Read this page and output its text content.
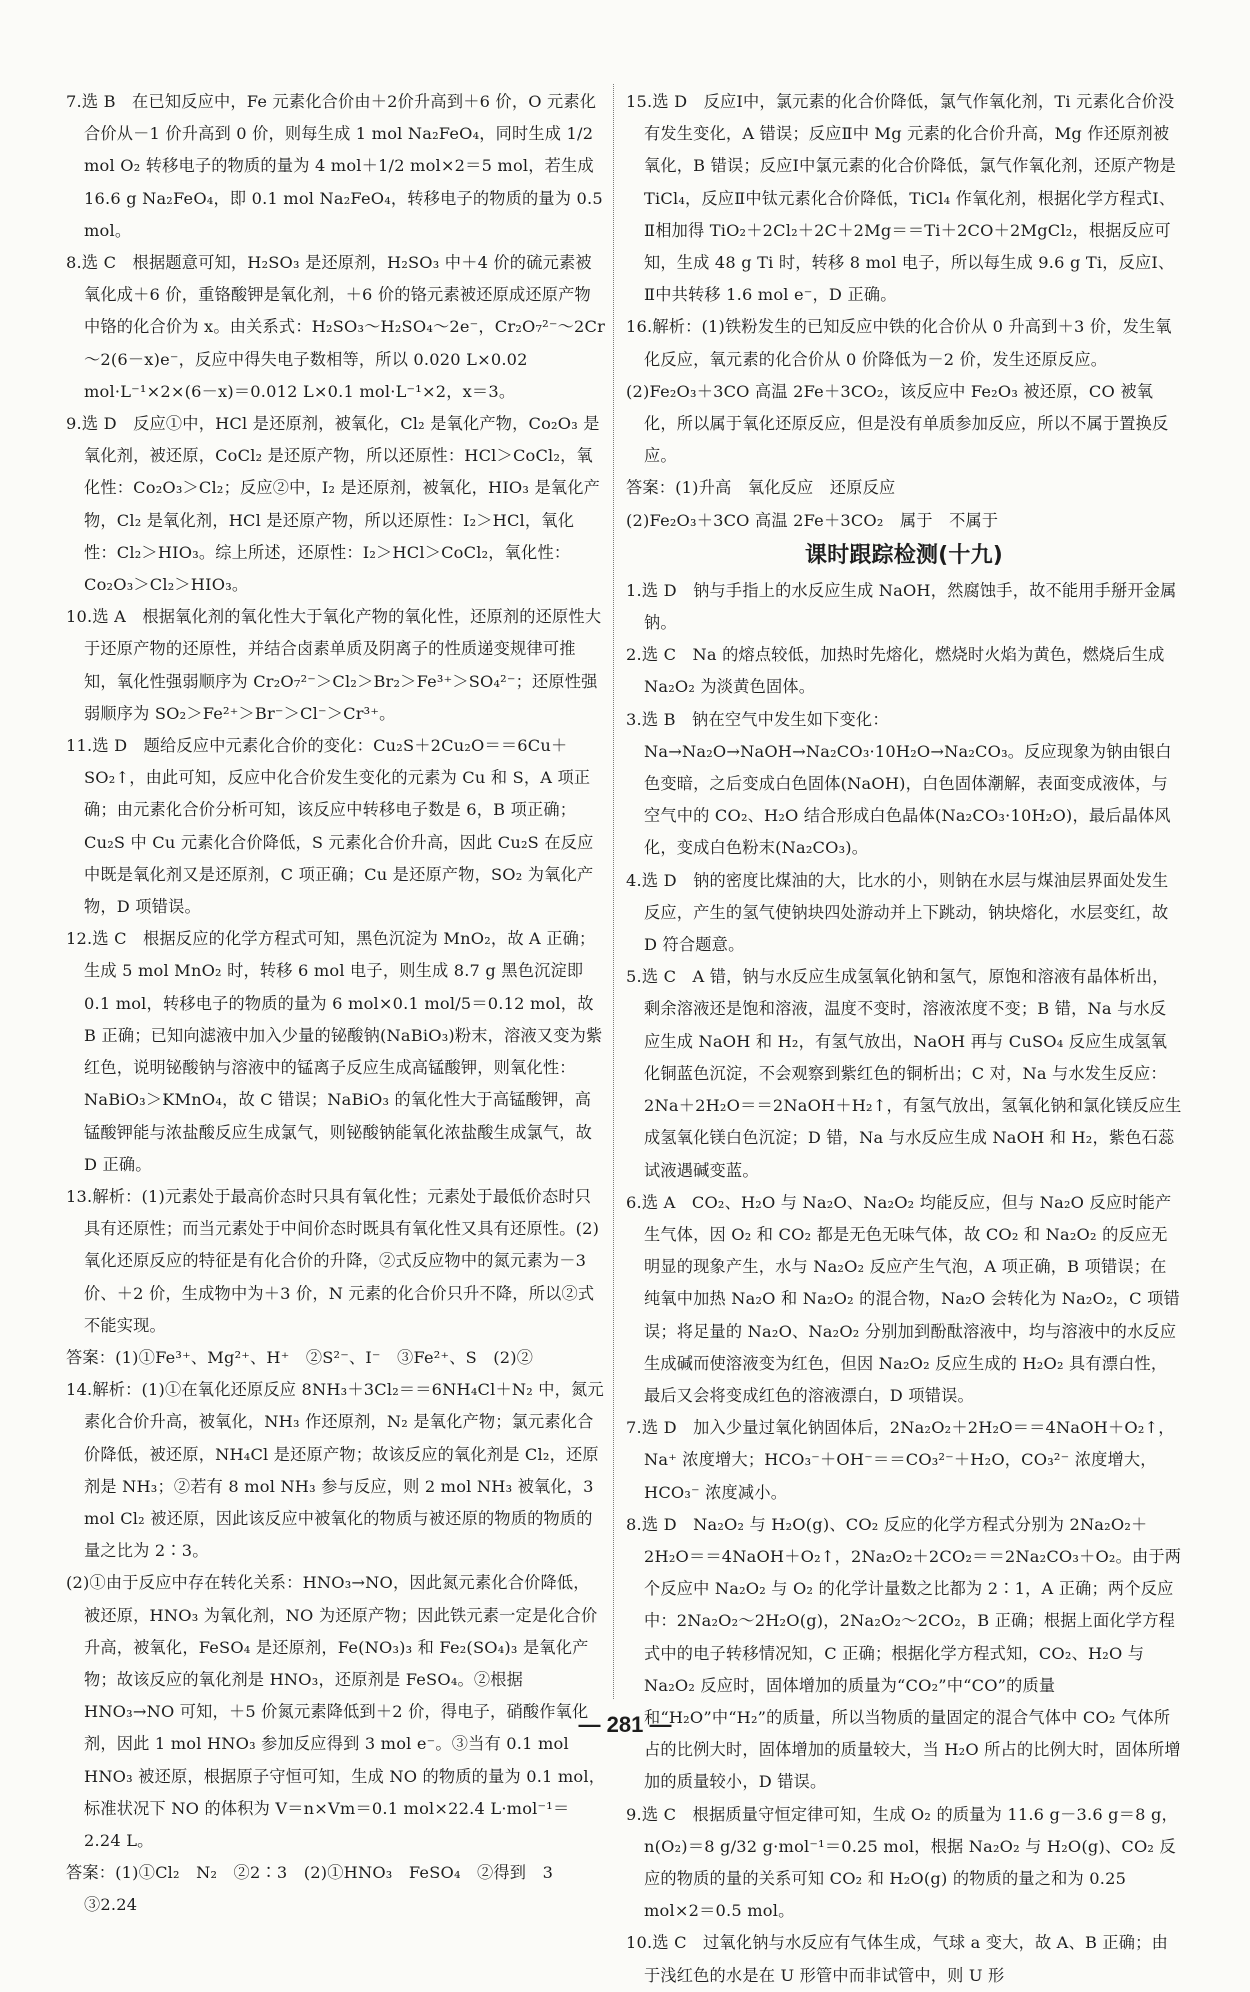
7.选 B　在已知反应中，Fe 元素化合价由＋2价升高到＋6 价，O 元素化合价从－1 价升高到 0 价，则每生成 1 mol Na₂FeO₄，同时生成 1/2 mol O₂ 转移电子的物质的量为 4 mol＋1/2 mol×2＝5 mol，若生成 16.6 g Na₂FeO₄，即 0.1 mol Na₂FeO₄，转移电子的物质的量为 0.5 mol。

8.选 C　根据题意可知，H₂SO₃ 是还原剂，H₂SO₃ 中＋4 价的硫元素被氧化成＋6 价，重铬酸钾是氧化剂，＋6 价的铬元素被还原成还原产物中铬的化合价为 x。由关系式：H₂SO₃～H₂SO₄～2e⁻，Cr₂O₇²⁻～2Cr～2(6－x)e⁻，反应中得失电子数相等，所以 0.020 L×0.02 mol·L⁻¹×2×(6－x)＝0.012 L×0.1 mol·L⁻¹×2，x＝3。

9.选 D　反应①中，HCl 是还原剂，被氧化，Cl₂ 是氧化产物，Co₂O₃ 是氧化剂，被还原，CoCl₂ 是还原产物，所以还原性：HCl＞CoCl₂，氧化性：Co₂O₃＞Cl₂；反应②中，I₂ 是还原剂，被氧化，HIO₃ 是氧化产物，Cl₂ 是氧化剂，HCl 是还原产物，所以还原性：I₂＞HCl，氧化性：Cl₂＞HIO₃。综上所述，还原性：I₂＞HCl＞CoCl₂，氧化性：Co₂O₃＞Cl₂＞HIO₃。

10.选 A　根据氧化剂的氧化性大于氧化产物的氧化性，还原剂的还原性大于还原产物的还原性，并结合卤素单质及阴离子的性质递变规律可推知，氧化性强弱顺序为 Cr₂O₇²⁻＞Cl₂＞Br₂＞Fe³⁺＞SO₄²⁻；还原性强弱顺序为 SO₂＞Fe²⁺＞Br⁻＞Cl⁻＞Cr³⁺。

11.选 D　题给反应中元素化合价的变化：Cu₂S＋2Cu₂O＝＝6Cu＋SO₂↑，由此可知，反应中化合价发生变化的元素为 Cu 和 S，A 项正确；由元素化合价分析可知，该反应中转移电子数是 6，B 项正确；Cu₂S 中 Cu 元素化合价降低，S 元素化合价升高，因此 Cu₂S 在反应中既是氧化剂又是还原剂，C 项正确；Cu 是还原产物，SO₂ 为氧化产物，D 项错误。

12.选 C　根据反应的化学方程式可知，黑色沉淀为 MnO₂，故 A 正确；生成 5 mol MnO₂ 时，转移 6 mol 电子，则生成 8.7 g 黑色沉淀即 0.1 mol，转移电子的物质的量为 6 mol×0.1 mol/5＝0.12 mol，故 B 正确；已知向滤液中加入少量的铋酸钠(NaBiO₃)粉末，溶液又变为紫红色，说明铋酸钠与溶液中的锰离子反应生成高锰酸钾，则氧化性：NaBiO₃＞KMnO₄，故 C 错误；NaBiO₃ 的氧化性大于高锰酸钾，高锰酸钾能与浓盐酸反应生成氯气，则铋酸钠能氧化浓盐酸生成氯气，故 D 正确。

13.解析：(1)元素处于最高价态时只具有氧化性；元素处于最低价态时只具有还原性；而当元素处于中间价态时既具有氧化性又具有还原性。(2)氧化还原反应的特征是有化合价的升降，②式反应物中的氮元素为－3 价、＋2 价，生成物中为＋3 价，N 元素的化合价只升不降，所以②式不能实现。

答案：(1)①Fe³⁺、Mg²⁺、H⁺　②S²⁻、I⁻　③Fe²⁺、S　(2)②

14.解析：(1)①在氧化还原反应 8NH₃＋3Cl₂＝＝6NH₄Cl＋N₂ 中，氮元素化合价升高，被氧化，NH₃ 作还原剂，N₂ 是氧化产物；氯元素化合价降低，被还原，NH₄Cl 是还原产物；故该反应的氧化剂是 Cl₂，还原剂是 NH₃；②若有 8 mol NH₃ 参与反应，则 2 mol NH₃ 被氧化，3 mol Cl₂ 被还原，因此该反应中被氧化的物质与被还原的物质的物质的量之比为 2∶3。

(2)①由于反应中存在转化关系：HNO₃→NO，因此氮元素化合价降低，被还原，HNO₃ 为氧化剂，NO 为还原产物；因此铁元素一定是化合价升高，被氧化，FeSO₄ 是还原剂，Fe(NO₃)₃ 和 Fe₂(SO₄)₃ 是氧化产物；故该反应的氧化剂是 HNO₃，还原剂是 FeSO₄。②根据 HNO₃→NO 可知，＋5 价氮元素降低到＋2 价，得电子，硝酸作氧化剂，因此 1 mol HNO₃ 参加反应得到 3 mol e⁻。③当有 0.1 mol HNO₃ 被还原，根据原子守恒可知，生成 NO 的物质的量为 0.1 mol，标准状况下 NO 的体积为 V＝n×Vm＝0.1 mol×22.4 L·mol⁻¹＝2.24 L。

答案：(1)①Cl₂　N₂　②2∶3　(2)①HNO₃　FeSO₄　②得到　3　③2.24

15.选 D　反应Ⅰ中，氯元素的化合价降低，氯气作氧化剂，Ti 元素化合价没有发生变化，A 错误；反应Ⅱ中 Mg 元素的化合价升高，Mg 作还原剂被氧化，B 错误；反应Ⅰ中氯元素的化合价降低，氯气作氧化剂，还原产物是 TiCl₄，反应Ⅱ中钛元素化合价降低，TiCl₄ 作氧化剂，根据化学方程式Ⅰ、Ⅱ相加得 TiO₂＋2Cl₂＋2C＋2Mg＝＝Ti＋2CO＋2MgCl₂，根据反应可知，生成 48 g Ti 时，转移 8 mol 电子，所以每生成 9.6 g Ti，反应Ⅰ、Ⅱ中共转移 1.6 mol e⁻，D 正确。

16.解析：(1)铁粉发生的已知反应中铁的化合价从 0 升高到＋3 价，发生氧化反应，氧元素的化合价从 0 价降低为－2 价，发生还原反应。

(2)Fe₂O₃＋3CO 高温 2Fe＋3CO₂，该反应中 Fe₂O₃ 被还原，CO 被氧化，所以属于氧化还原反应，但是没有单质参加反应，所以不属于置换反应。

答案：(1)升高　氧化反应　还原反应

(2)Fe₂O₃＋3CO 高温 2Fe＋3CO₂　属于　不属于

课时跟踪检测(十九)

1.选 D　钠与手指上的水反应生成 NaOH，然腐蚀手，故不能用手掰开金属钠。

2.选 C　Na 的熔点较低，加热时先熔化，燃烧时火焰为黄色，燃烧后生成 Na₂O₂ 为淡黄色固体。

3.选 B　钠在空气中发生如下变化：Na→Na₂O→NaOH→Na₂CO₃·10H₂O→Na₂CO₃。反应现象为钠由银白色变暗，之后变成白色固体(NaOH)，白色固体潮解，表面变成液体，与空气中的 CO₂、H₂O 结合形成白色晶体(Na₂CO₃·10H₂O)，最后晶体风化，变成白色粉末(Na₂CO₃)。

4.选 D　钠的密度比煤油的大，比水的小，则钠在水层与煤油层界面处发生反应，产生的氢气使钠块四处游动并上下跳动，钠块熔化，水层变红，故 D 符合题意。

5.选 C　A 错，钠与水反应生成氢氧化钠和氢气，原饱和溶液有晶体析出，剩余溶液还是饱和溶液，温度不变时，溶液浓度不变；B 错，Na 与水反应生成 NaOH 和 H₂，有氢气放出，NaOH 再与 CuSO₄ 反应生成氢氧化铜蓝色沉淀，不会观察到紫红色的铜析出；C 对，Na 与水发生反应：2Na＋2H₂O＝＝2NaOH＋H₂↑，有氢气放出，氢氧化钠和氯化镁反应生成氢氧化镁白色沉淀；D 错，Na 与水反应生成 NaOH 和 H₂，紫色石蕊试液遇碱变蓝。

6.选 A　CO₂、H₂O 与 Na₂O、Na₂O₂ 均能反应，但与 Na₂O 反应时能产生气体，因 O₂ 和 CO₂ 都是无色无味气体，故 CO₂ 和 Na₂O₂ 的反应无明显的现象产生，水与 Na₂O₂ 反应产生气泡，A 项正确，B 项错误；在纯氧中加热 Na₂O 和 Na₂O₂ 的混合物，Na₂O 会转化为 Na₂O₂，C 项错误；将足量的 Na₂O、Na₂O₂ 分别加到酚酞溶液中，均与溶液中的水反应生成碱而使溶液变为红色，但因 Na₂O₂ 反应生成的 H₂O₂ 具有漂白性，最后又会将变成红色的溶液漂白，D 项错误。

7.选 D　加入少量过氧化钠固体后，2Na₂O₂＋2H₂O＝＝4NaOH＋O₂↑，Na⁺ 浓度增大；HCO₃⁻＋OH⁻＝＝CO₃²⁻＋H₂O，CO₃²⁻ 浓度增大，HCO₃⁻ 浓度减小。

8.选 D　Na₂O₂ 与 H₂O(g)、CO₂ 反应的化学方程式分别为 2Na₂O₂＋2H₂O＝＝4NaOH＋O₂↑，2Na₂O₂＋2CO₂＝＝2Na₂CO₃＋O₂。由于两个反应中 Na₂O₂ 与 O₂ 的化学计量数之比都为 2∶1，A 正确；两个反应中：2Na₂O₂～2H₂O(g)，2Na₂O₂～2CO₂，B 正确；根据上面化学方程式中的电子转移情况知，C 正确；根据化学方程式知，CO₂、H₂O 与 Na₂O₂ 反应时，固体增加的质量为“CO₂”中“CO”的质量和“H₂O”中“H₂”的质量，所以当物质的量固定的混合气体中 CO₂ 气体所占的比例大时，固体增加的质量较大，当 H₂O 所占的比例大时，固体所增加的质量较小，D 错误。

9.选 C　根据质量守恒定律可知，生成 O₂ 的质量为 11.6 g－3.6 g＝8 g，n(O₂)＝8 g/32 g·mol⁻¹＝0.25 mol，根据 Na₂O₂ 与 H₂O(g)、CO₂ 反应的物质的量的关系可知 CO₂ 和 H₂O(g) 的物质的量之和为 0.25 mol×2＝0.5 mol。

10.选 C　过氧化钠与水反应有气体生成，气球 a 变大，故 A、B 正确；由于浅红色的水是在 U 形管中而非试管中，则 U 形

— 281 —
